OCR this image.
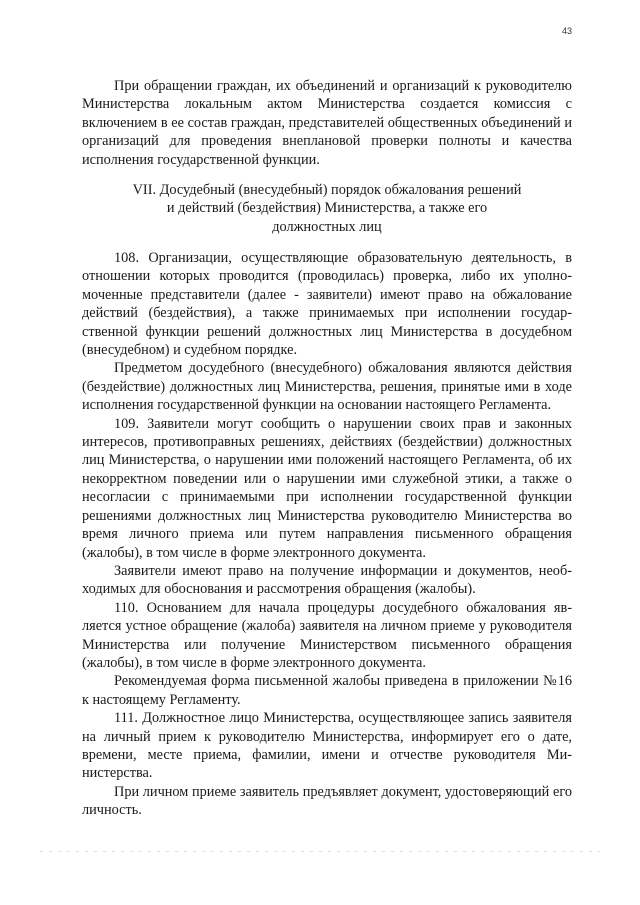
43

При обращении граждан, их объединений и организаций к руководителю Министерства локальным актом Министерства создается комиссия с включением в ее состав граждан, представителей общественных объединений и организаций для проведения внеплановой проверки полноты и качества исполнения государственной функции.

VII. Досудебный (внесудебный) порядок обжалования решений
и действий (бездействия) Министерства, а также его
должностных лиц

108. Организации, осуществляющие образовательную деятельность, в отношении которых проводится (проводилась) проверка, либо их уполномоченные представители (далее - заявители) имеют право на обжалование действий (бездействия), а также принимаемых при исполнении государственной функции решений должностных лиц Министерства в досудебном (внесудебном) и судебном порядке.

Предметом досудебного (внесудебного) обжалования являются действия (бездействие) должностных лиц Министерства, решения, принятые ими в ходе исполнения государственной функции на основании настоящего Регламента.

109. Заявители могут сообщить о нарушении своих прав и законных интересов, противоправных решениях, действиях (бездействии) должностных лиц Министерства, о нарушении ими положений настоящего Регламента, об их некорректном поведении или о нарушении ими служебной этики, а также о несогласии с принимаемыми при исполнении государственной функции решениями должностных лиц Министерства руководителю Министерства во время личного приема или путем направления письменного обращения (жалобы), в том числе в форме электронного документа.

Заявители имеют право на получение информации и документов, необходимых для обоснования и рассмотрения обращения (жалобы).

110. Основанием для начала процедуры досудебного обжалования является устное обращение (жалоба) заявителя на личном приеме у руководителя Министерства или получение Министерством письменного обращения (жалобы), в том числе в форме электронного документа.

Рекомендуемая форма письменной жалобы приведена в приложении №16 к настоящему Регламенту.

111. Должностное лицо Министерства, осуществляющее запись заявителя на личный прием к руководителю Министерства, информирует его о дате, времени, месте приема, фамилии, имени и отчестве руководителя Министерства.

При личном приеме заявитель предъявляет документ, удостоверяющий его личность.
